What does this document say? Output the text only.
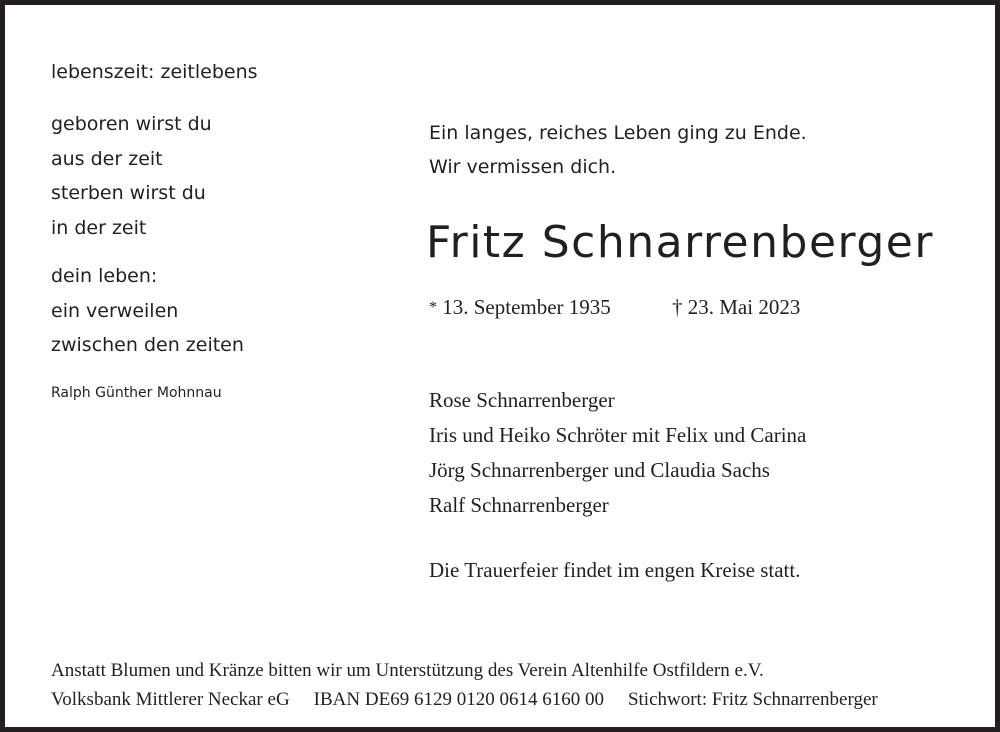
lebenszeit: zeitlebens

geboren wirst du
aus der zeit
sterben wirst du
in der zeit
dein leben:
ein verweilen
zwischen den zeiten

Ralph Günther Mohnnau

Ein langes, reiches Leben ging zu Ende.
Wir vermissen dich.
Fritz Schnarrenberger
* 13. September 1935	† 23. Mai 2023
Rose Schnarrenberger
Iris und Heiko Schröter mit Felix und Carina
Jörg Schnarrenberger und Claudia Sachs
Ralf Schnarrenberger

Die Trauerfeier findet im engen Kreise statt.

Anstatt Blumen und Kränze bitten wir um Unterstützung des Verein Altenhilfe Ostfildern e.V.
Volksbank Mittlerer Neckar eG IBAN DE69 6129 0120 0614 6160 00 Stichwort: Fritz Schnarrenberger
